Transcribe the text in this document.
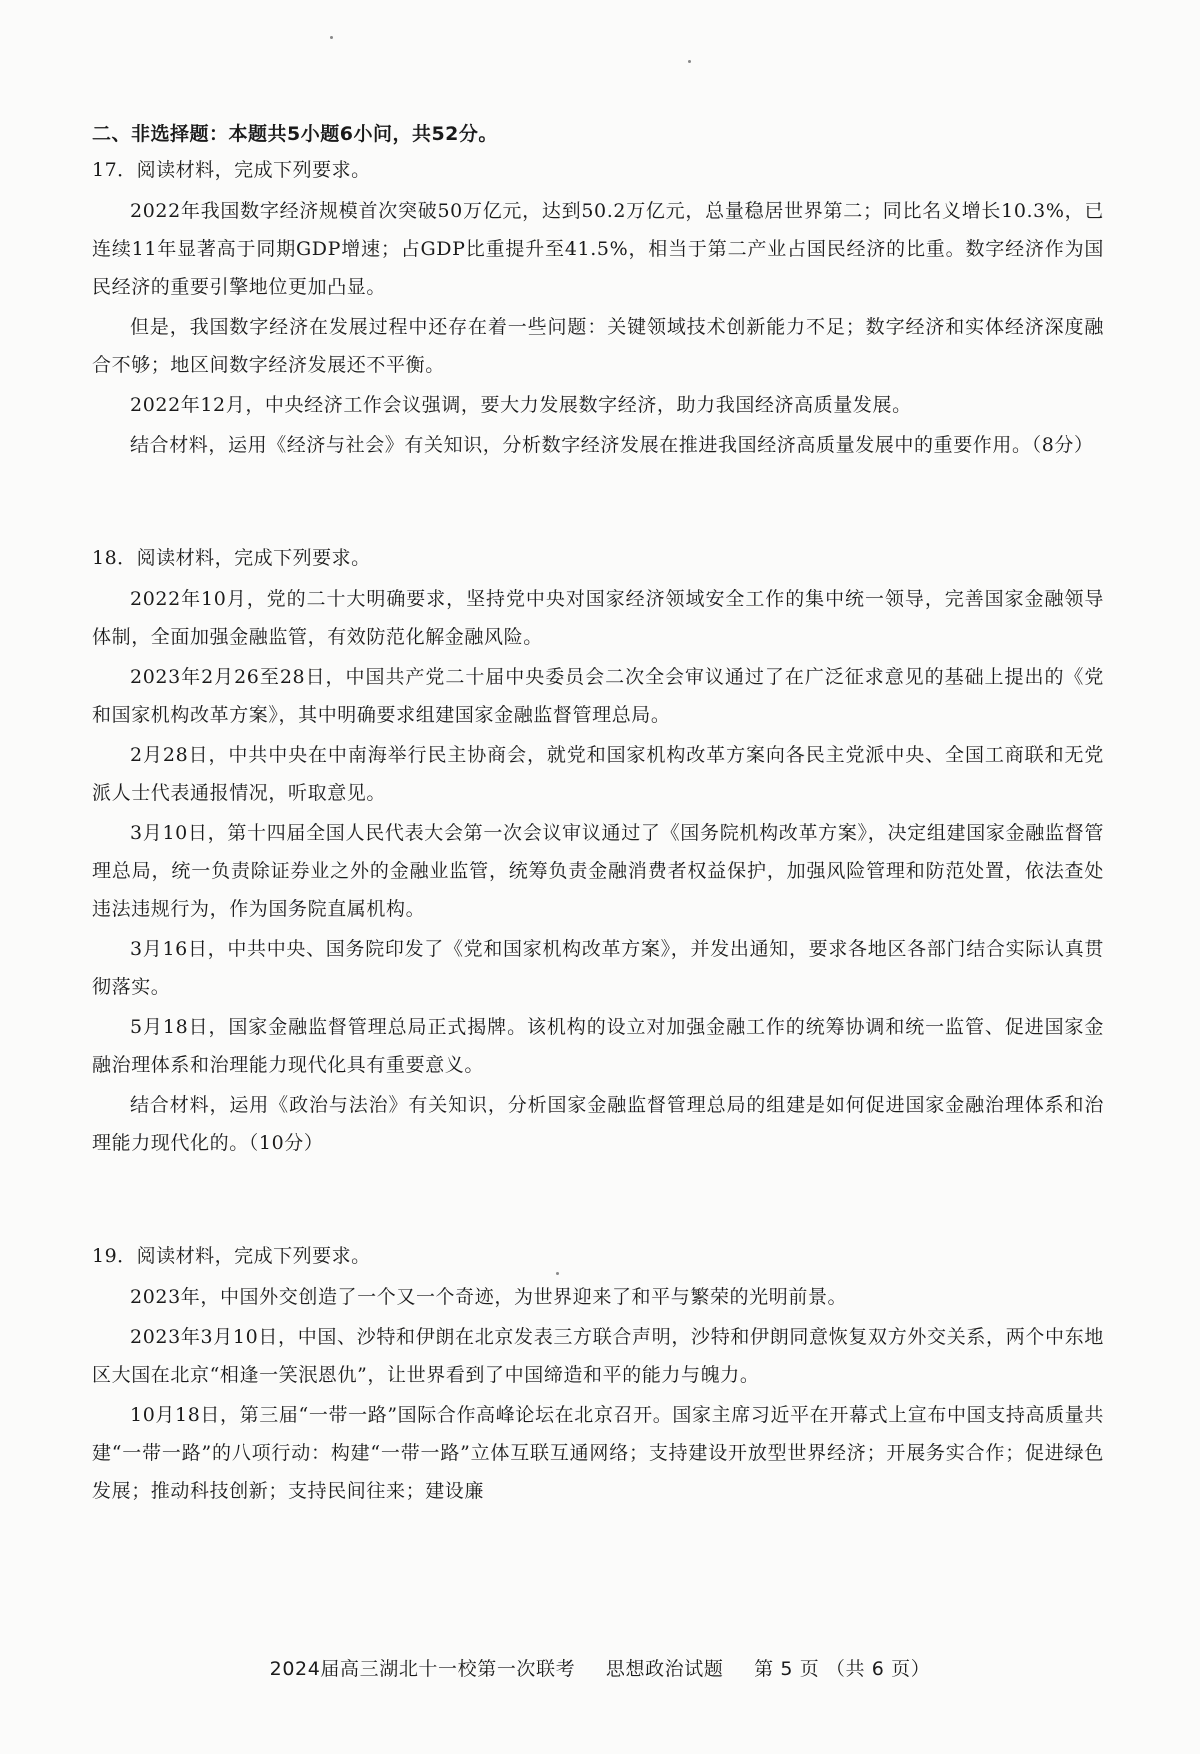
二、非选择题：本题共5小题6小问，共52分。
17．阅读材料，完成下列要求。

2022年我国数字经济规模首次突破50万亿元，达到50.2万亿元，总量稳居世界第二；同比名义增长10.3%，已连续11年显著高于同期GDP增速；占GDP比重提升至41.5%，相当于第二产业占国民经济的比重。数字经济作为国民经济的重要引擎地位更加凸显。

但是，我国数字经济在发展过程中还存在着一些问题：关键领域技术创新能力不足；数字经济和实体经济深度融合不够；地区间数字经济发展还不平衡。

2022年12月，中央经济工作会议强调，要大力发展数字经济，助力我国经济高质量发展。

结合材料，运用《经济与社会》有关知识，分析数字经济发展在推进我国经济高质量发展中的重要作用。（8分）

18．阅读材料，完成下列要求。

2022年10月，党的二十大明确要求，坚持党中央对国家经济领域安全工作的集中统一领导，完善国家金融领导体制，全面加强金融监管，有效防范化解金融风险。

2023年2月26至28日，中国共产党二十届中央委员会二次全会审议通过了在广泛征求意见的基础上提出的《党和国家机构改革方案》，其中明确要求组建国家金融监督管理总局。

2月28日，中共中央在中南海举行民主协商会，就党和国家机构改革方案向各民主党派中央、全国工商联和无党派人士代表通报情况，听取意见。

3月10日，第十四届全国人民代表大会第一次会议审议通过了《国务院机构改革方案》，决定组建国家金融监督管理总局，统一负责除证券业之外的金融业监管，统筹负责金融消费者权益保护，加强风险管理和防范处置，依法查处违法违规行为，作为国务院直属机构。

3月16日，中共中央、国务院印发了《党和国家机构改革方案》，并发出通知，要求各地区各部门结合实际认真贯彻落实。

5月18日，国家金融监督管理总局正式揭牌。该机构的设立对加强金融工作的统筹协调和统一监管、促进国家金融治理体系和治理能力现代化具有重要意义。

结合材料，运用《政治与法治》有关知识，分析国家金融监督管理总局的组建是如何促进国家金融治理体系和治理能力现代化的。（10分）

19．阅读材料，完成下列要求。

2023年，中国外交创造了一个又一个奇迹，为世界迎来了和平与繁荣的光明前景。

2023年3月10日，中国、沙特和伊朗在北京发表三方联合声明，沙特和伊朗同意恢复双方外交关系，两个中东地区大国在北京“相逢一笑泯恩仇”，让世界看到了中国缔造和平的能力与魄力。

10月18日，第三届“一带一路”国际合作高峰论坛在北京召开。国家主席习近平在开幕式上宣布中国支持高质量共建“一带一路”的八项行动：构建“一带一路”立体互联互通网络；支持建设开放型世界经济；开展务实合作；促进绿色发展；推动科技创新；支持民间往来；建设廉

2024届高三湖北十一校第一次联考 思想政治试题 第 5 页 （共 6 页）
